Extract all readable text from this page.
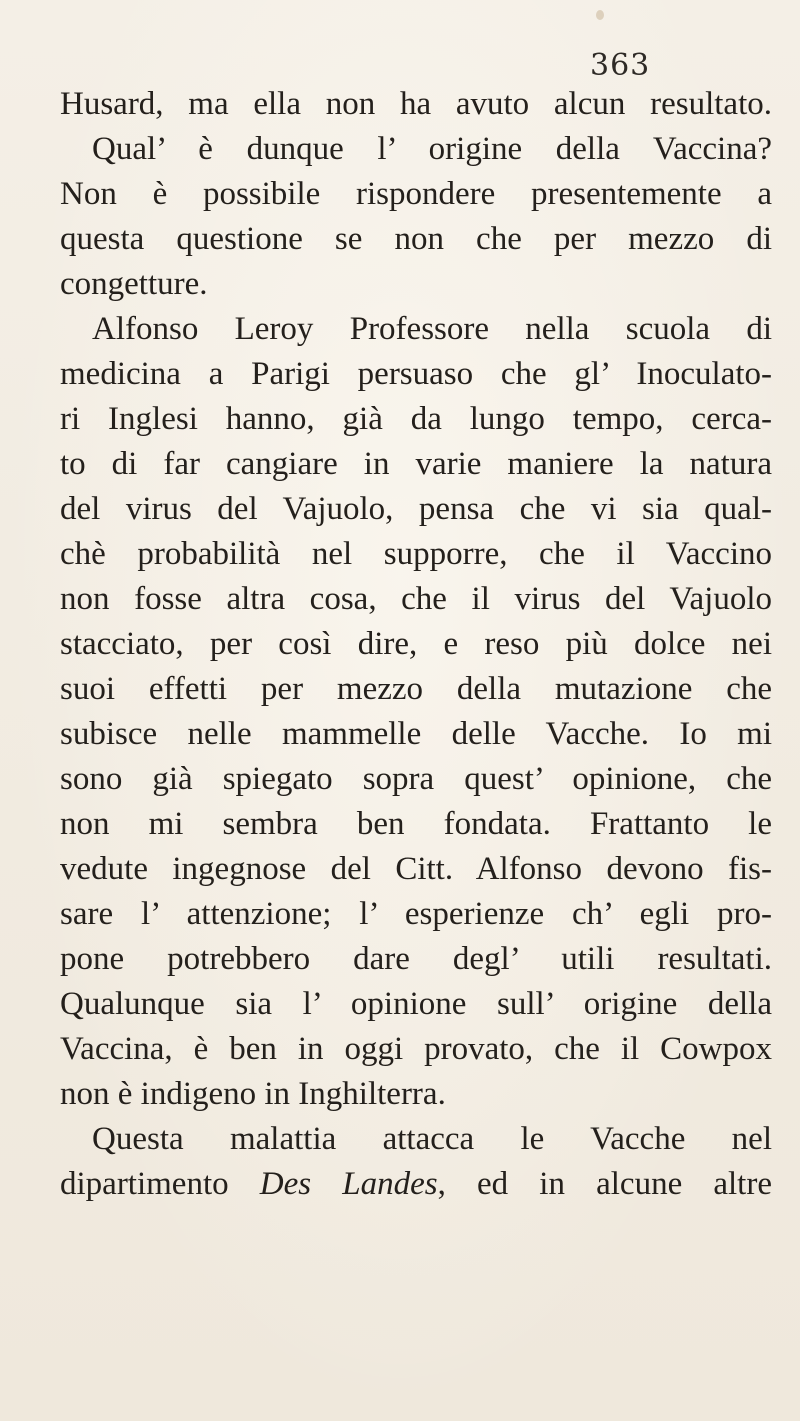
363
Husard, ma ella non ha avuto alcun resultato.
Qual’ è dunque l’ origine della Vaccina?
Non è possibile rispondere presentemente a
questa questione se non che per mezzo di
congetture.
Alfonso Leroy Professore nella scuola di
medicina a Parigi persuaso che gl’ Inoculato-
ri Inglesi hanno, già da lungo tempo, cerca-
to di far cangiare in varie maniere la natura
del virus del Vajuolo, pensa che vi sia qual-
chè probabilità nel supporre, che il Vaccino
non fosse altra cosa, che il virus del Vajuolo
stacciato, per così dire, e reso più dolce nei
suoi effetti per mezzo della mutazione che
subisce nelle mammelle delle Vacche. Io mi
sono già spiegato sopra quest’ opinione, che
non mi sembra ben fondata. Frattanto le
vedute ingegnose del Citt. Alfonso devono fis-
sare l’ attenzione; l’ esperienze ch’ egli pro-
pone potrebbero dare degl’ utili resultati.
Qualunque sia l’ opinione sull’ origine della
Vaccina, è ben in oggi provato, che il Cowpox
non è indigeno in Inghilterra.
Questa malattia attacca le Vacche nel
dipartimento Des Landes, ed in alcune altre
